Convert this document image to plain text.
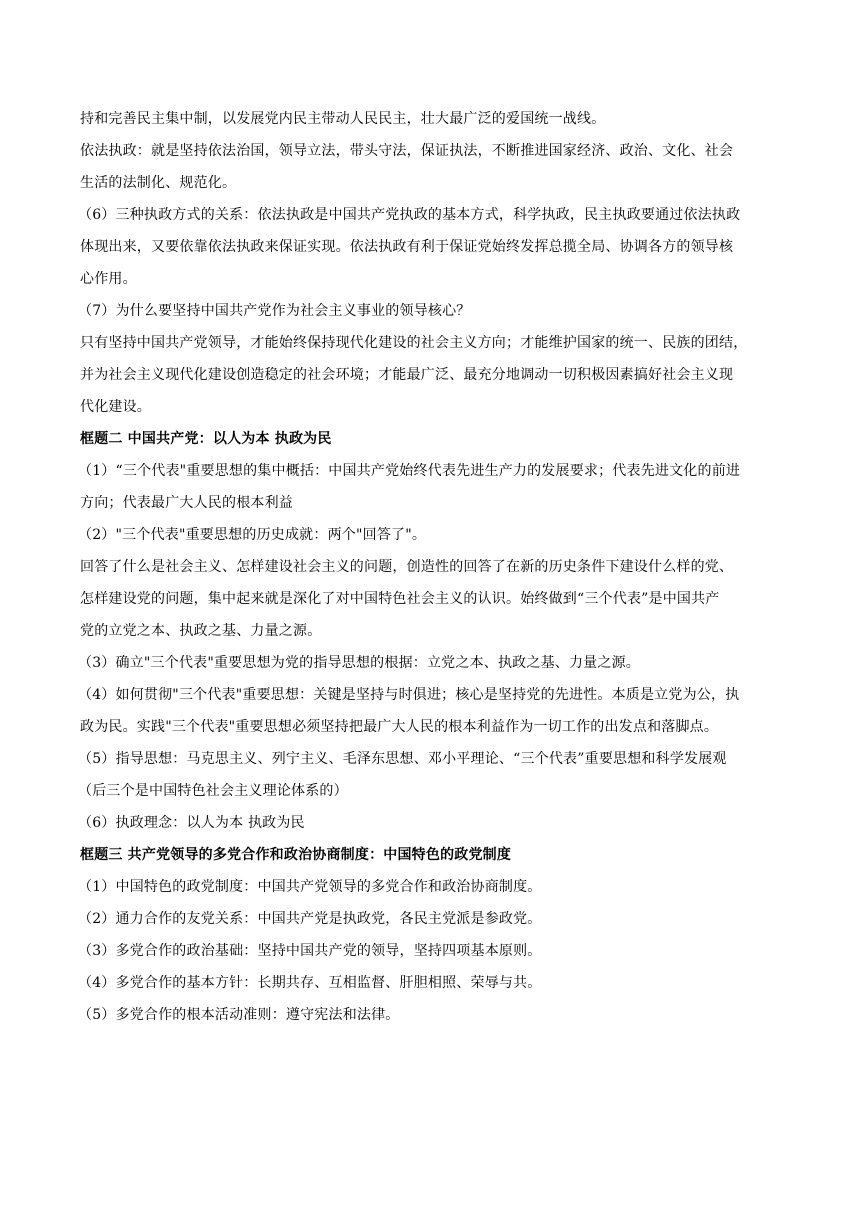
持和完善民主集中制，以发展党内民主带动人民民主，壮大最广泛的爱国统一战线。
依法执政：就是坚持依法治国，领导立法，带头守法，保证执法，不断推进国家经济、政治、文化、社会
生活的法制化、规范化。
（6）三种执政方式的关系：依法执政是中国共产党执政的基本方式，科学执政，民主执政要通过依法执政
体现出来，又要依靠依法执政来保证实现。依法执政有利于保证党始终发挥总揽全局、协调各方的领导核
心作用。
（7）为什么要坚持中国共产党作为社会主义事业的领导核心？
只有坚持中国共产党领导，才能始终保持现代化建设的社会主义方向；才能维护国家的统一、民族的团结，
并为社会主义现代化建设创造稳定的社会环境；才能最广泛、最充分地调动一切积极因素搞好社会主义现
代化建设。
框题二 中国共产党：以人为本 执政为民
（1）“三个代表"重要思想的集中概括：中国共产党始终代表先进生产力的发展要求；代表先进文化的前进
方向；代表最广大人民的根本利益
（2）"三个代表"重要思想的历史成就：两个"回答了"。
回答了什么是社会主义、怎样建设社会主义的问题，创造性的回答了在新的历史条件下建设什么样的党、
怎样建设党的问题，集中起来就是深化了对中国特色社会主义的认识。始终做到“三个代表”是中国共产
党的立党之本、执政之基、力量之源。
（3）确立"三个代表"重要思想为党的指导思想的根据：立党之本、执政之基、力量之源。
（4）如何贯彻"三个代表"重要思想：关键是坚持与时俱进；核心是坚持党的先进性。本质是立党为公，执
政为民。实践"三个代表"重要思想必须坚持把最广大人民的根本利益作为一切工作的出发点和落脚点。
（5）指导思想：马克思主义、列宁主义、毛泽东思想、邓小平理论、“三个代表”重要思想和科学发展观
（后三个是中国特色社会主义理论体系的）
（6）执政理念：以人为本 执政为民
框题三 共产党领导的多党合作和政治协商制度：中国特色的政党制度
（1）中国特色的政党制度：中国共产党领导的多党合作和政治协商制度。
（2）通力合作的友党关系：中国共产党是执政党，各民主党派是参政党。
（3）多党合作的政治基础：坚持中国共产党的领导，坚持四项基本原则。
（4）多党合作的基本方针：长期共存、互相监督、肝胆相照、荣辱与共。
（5）多党合作的根本活动准则：遵守宪法和法律。
